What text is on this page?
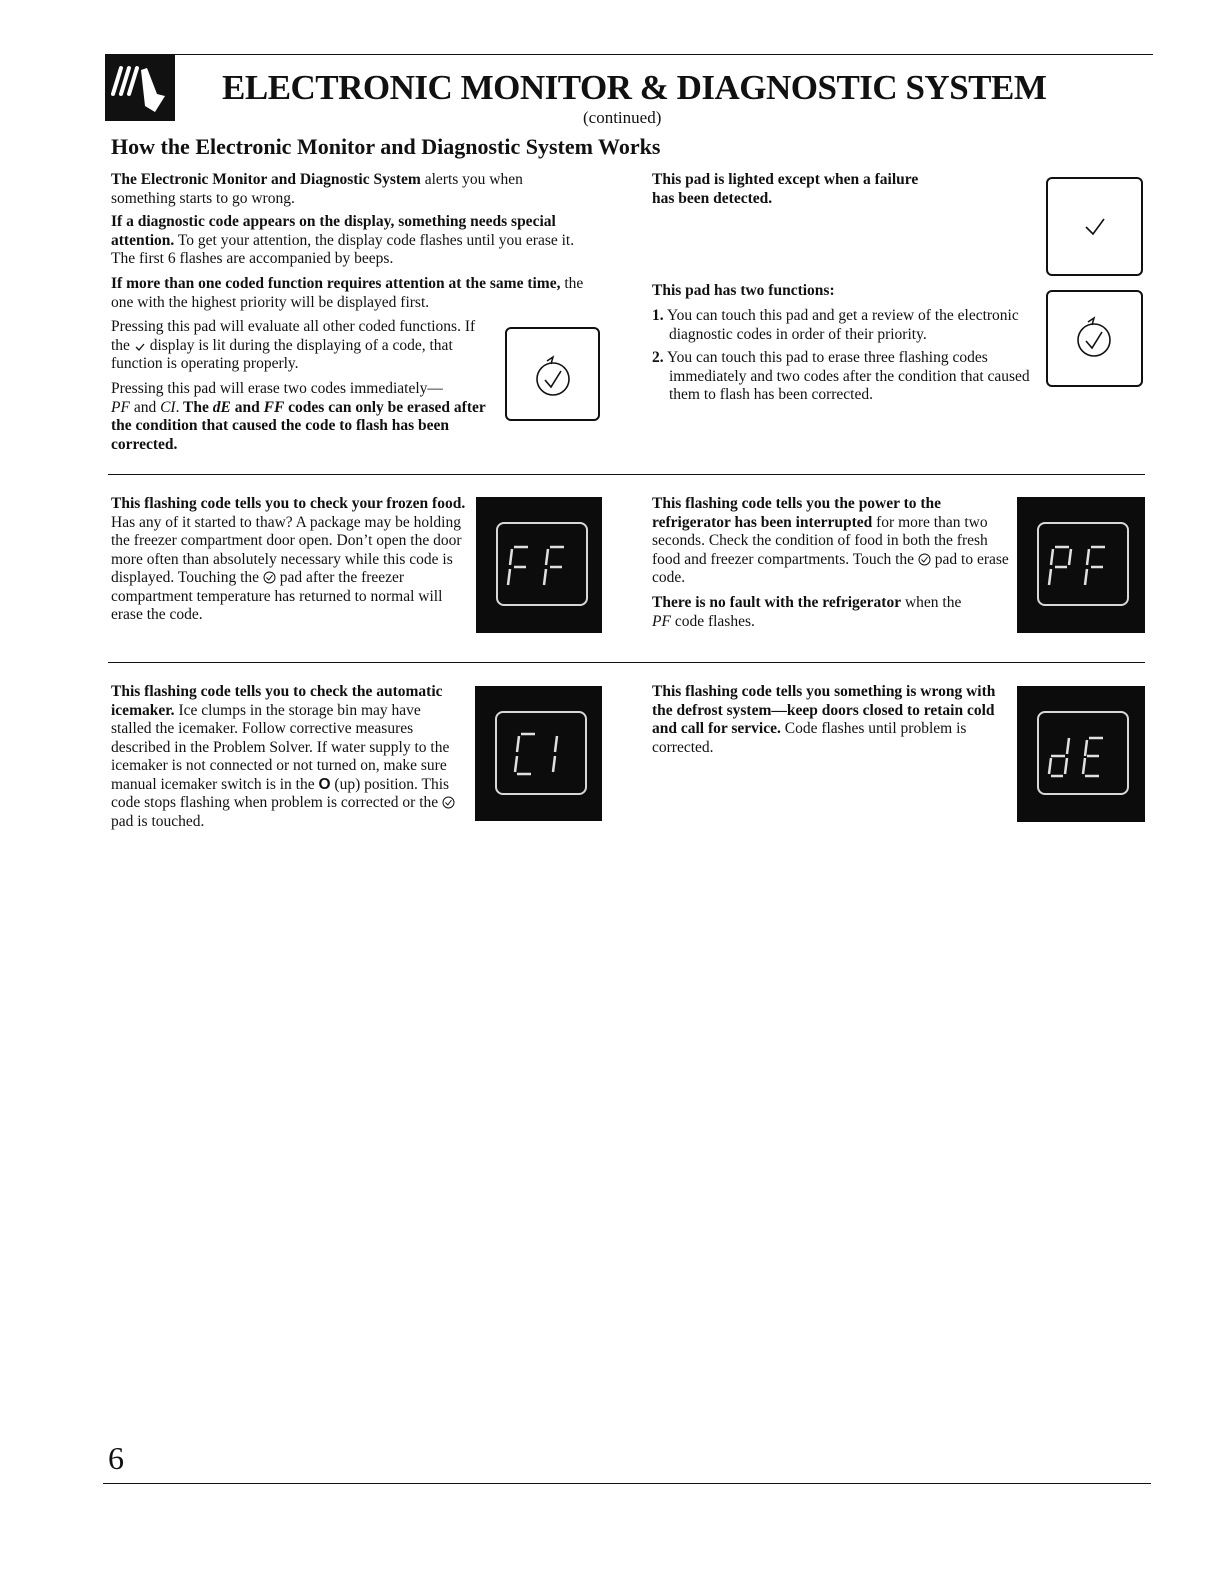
ELECTRONIC MONITOR & DIAGNOSTIC SYSTEM
(continued)
How the Electronic Monitor and Diagnostic System Works

The Electronic Monitor and Diagnostic System alerts you when something starts to go wrong.

If a diagnostic code appears on the display, something needs special attention. To get your attention, the display code flashes until you erase it. The first 6 flashes are accompanied by beeps.

If more than one coded function requires attention at the same time, the one with the highest priority will be displayed first.

Pressing this pad will evaluate all other coded functions. If the display is lit during the displaying of a code, that function is operating properly.

Pressing this pad will erase two codes immediately—
PF and CI. The dE and FF codes can only be erased after the condition that caused the code to flash has been corrected.

This pad is lighted except when a failure has been detected.

This pad has two functions:

1. You can touch this pad and get a review of the electronic diagnostic codes in order of their priority.
2. You can touch this pad to erase three flashing codes immediately and two codes after the condition that caused them to flash has been corrected.

This flashing code tells you to check your frozen food. Has any of it started to thaw? A package may be holding the freezer compartment door open. Don’t open the door more often than absolutely necessary while this code is displayed. Touching the  pad after the freezer compartment temperature has returned to normal will erase the code.

This flashing code tells you the power to the refrigerator has been interrupted for more than two seconds. Check the condition of food in both the fresh food and freezer compartments. Touch the  pad to erase code.

There is no fault with the refrigerator when the
PF code flashes.

This flashing code tells you to check the automatic icemaker. Ice clumps in the storage bin may have stalled the icemaker. Follow corrective measures described in the Problem Solver. If water supply to the icemaker is not connected or not turned on, make sure manual icemaker switch is in the O (up) position. This code stops flashing when problem is corrected or the  pad is touched.

This flashing code tells you something is wrong with the defrost system—keep doors closed to retain cold and call for service. Code flashes until problem is corrected.

6
